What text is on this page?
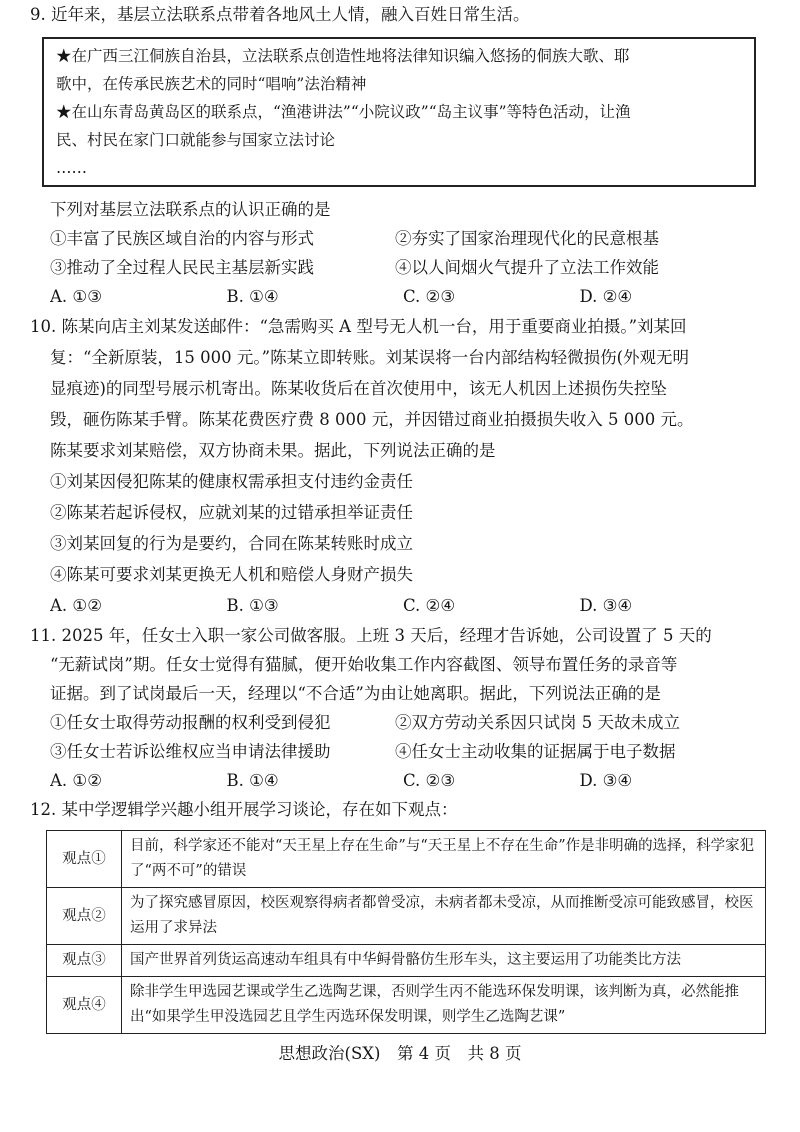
9. 近年来，基层立法联系点带着各地风土人情，融入百姓日常生活。
★在广西三江侗族自治县，立法联系点创造性地将法律知识编入悠扬的侗族大歌、耶
歌中，在传承民族艺术的同时“唱响”法治精神
★在山东青岛黄岛区的联系点，“渔港讲法”“小院议政”“岛主议事”等特色活动，让渔
民、村民在家门口就能参与国家立法讨论
……
下列对基层立法联系点的认识正确的是
①丰富了民族区域自治的内容与形式	②夯实了国家治理现代化的民意根基
③推动了全过程人民民主基层新实践	④以人间烟火气提升了立法工作效能
A. ①③	B. ①④	C. ②③	D. ②④
10. 陈某向店主刘某发送邮件：“急需购买 A 型号无人机一台，用于重要商业拍摄。”刘某回
复：“全新原装，15 000 元。”陈某立即转账。刘某误将一台内部结构轻微损伤(外观无明
显痕迹)的同型号展示机寄出。陈某收货后在首次使用中，该无人机因上述损伤失控坠
毁，砸伤陈某手臂。陈某花费医疗费 8 000 元，并因错过商业拍摄损失收入 5 000 元。
陈某要求刘某赔偿，双方协商未果。据此，下列说法正确的是
①刘某因侵犯陈某的健康权需承担支付违约金责任
②陈某若起诉侵权，应就刘某的过错承担举证责任
③刘某回复的行为是要约，合同在陈某转账时成立
④陈某可要求刘某更换无人机和赔偿人身财产损失
A. ①②	B. ①③	C. ②④	D. ③④
11. 2025 年，任女士入职一家公司做客服。上班 3 天后，经理才告诉她，公司设置了 5 天的
“无薪试岗”期。任女士觉得有猫腻，便开始收集工作内容截图、领导布置任务的录音等
证据。到了试岗最后一天，经理以“不合适”为由让她离职。据此，下列说法正确的是
①任女士取得劳动报酬的权利受到侵犯	②双方劳动关系因只试岗 5 天故未成立
③任女士若诉讼维权应当申请法律援助	④任女士主动收集的证据属于电子数据
A. ①②	B. ①④	C. ②③	D. ③④
12. 某中学逻辑学兴趣小组开展学习谈论，存在如下观点：
观点①	目前，科学家还不能对“天王星上存在生命”与“天王星上不存在生命”作是非明确的选择，科学家犯了“两不可”的错误
观点②	为了探究感冒原因，校医观察得病者都曾受凉，未病者都未受凉，从而推断受凉可能致感冒，校医运用了求异法
观点③	国产世界首列货运高速动车组具有中华鲟骨骼仿生形车头，这主要运用了功能类比方法
观点④	除非学生甲选园艺课或学生乙选陶艺课，否则学生丙不能选环保发明课，该判断为真，必然能推出“如果学生甲没选园艺且学生丙选环保发明课，则学生乙选陶艺课”
思想政治(SX)　第 4 页　共 8 页
